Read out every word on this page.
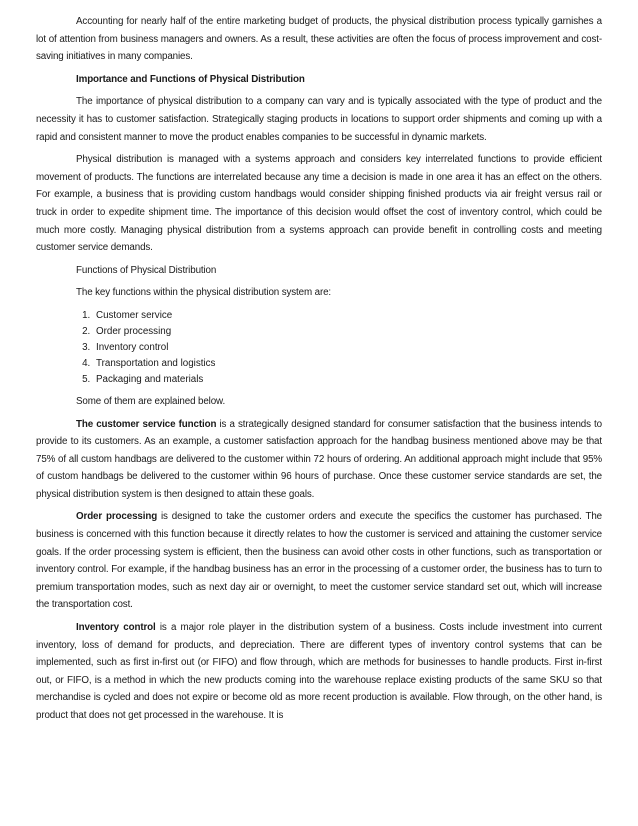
Accounting for nearly half of the entire marketing budget of products, the physical distribution process typically garnishes a lot of attention from business managers and owners. As a result, these activities are often the focus of process improvement and cost-saving initiatives in many companies.

Importance and Functions of Physical Distribution

The importance of physical distribution to a company can vary and is typically associated with the type of product and the necessity it has to customer satisfaction. Strategically staging products in locations to support order shipments and coming up with a rapid and consistent manner to move the product enables companies to be successful in dynamic markets.

Physical distribution is managed with a systems approach and considers key interrelated functions to provide efficient movement of products. The functions are interrelated because any time a decision is made in one area it has an effect on the others. For example, a business that is providing custom handbags would consider shipping finished products via air freight versus rail or truck in order to expedite shipment time. The importance of this decision would offset the cost of inventory control, which could be much more costly. Managing physical distribution from a systems approach can provide benefit in controlling costs and meeting customer service demands.

Functions of Physical Distribution

The key functions within the physical distribution system are:

1. Customer service
2. Order processing
3. Inventory control
4. Transportation and logistics
5. Packaging and materials

Some of them are explained below.

The customer service function is a strategically designed standard for consumer satisfaction that the business intends to provide to its customers. As an example, a customer satisfaction approach for the handbag business mentioned above may be that 75% of all custom handbags are delivered to the customer within 72 hours of ordering. An additional approach might include that 95% of custom handbags be delivered to the customer within 96 hours of purchase. Once these customer service standards are set, the physical distribution system is then designed to attain these goals.

Order processing is designed to take the customer orders and execute the specifics the customer has purchased. The business is concerned with this function because it directly relates to how the customer is serviced and attaining the customer service goals. If the order processing system is efficient, then the business can avoid other costs in other functions, such as transportation or inventory control. For example, if the handbag business has an error in the processing of a customer order, the business has to turn to premium transportation modes, such as next day air or overnight, to meet the customer service standard set out, which will increase the transportation cost.

Inventory control is a major role player in the distribution system of a business. Costs include investment into current inventory, loss of demand for products, and depreciation. There are different types of inventory control systems that can be implemented, such as first in-first out (or FIFO) and flow through, which are methods for businesses to handle products. First in-first out, or FIFO, is a method in which the new products coming into the warehouse replace existing products of the same SKU so that merchandise is cycled and does not expire or become old as more recent production is available. Flow through, on the other hand, is product that does not get processed in the warehouse. It is
